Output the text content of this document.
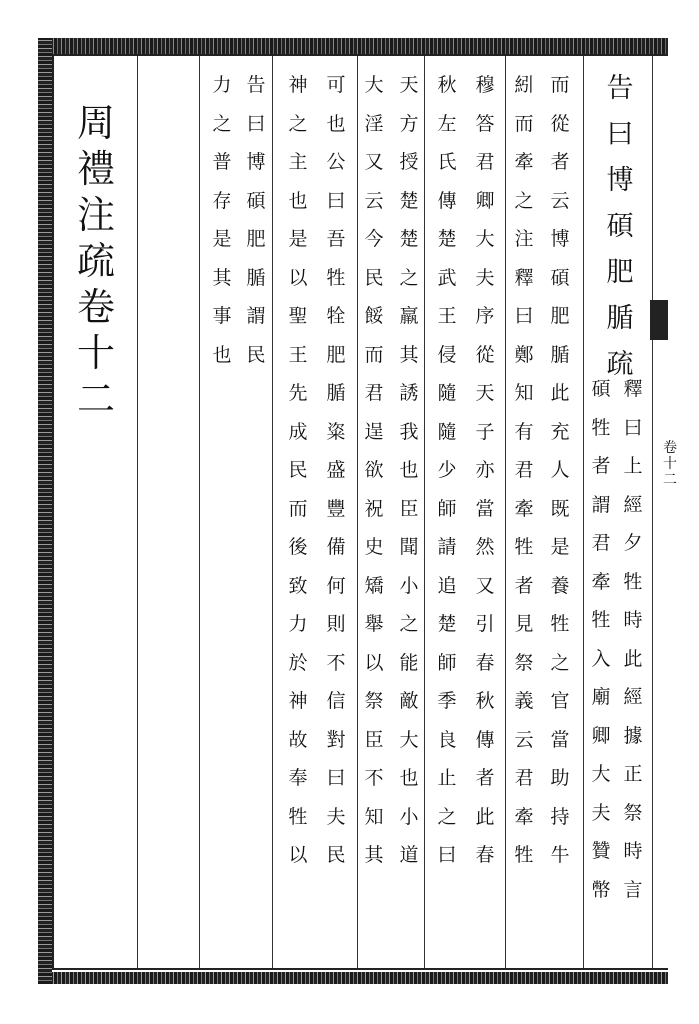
周
禮
注
疏
卷
十
二
卷
十
二
告
曰
博
碩
肥
腯
疏
釋
曰
上
經
夕
牲
時
此
經
據
正
祭
時
言
碩
牲
者
謂
君
牽
牲
入
廟
卿
大
夫
贊
幣
而
從
者
云
博
碩
肥
腯
此
充
人
既
是
養
牲
之
官
當
助
持
牛
紖
而
牽
之
注
釋
曰
鄭
知
有
君
牽
牲
者
見
祭
義
云
君
牽
牲
穆
答
君
卿
大
夫
序
從
天
子
亦
當
然
又
引
春
秋
傳
者
此
春
秋
左
氏
傳
楚
武
王
侵
隨
隨
少
師
請
追
楚
師
季
良
止
之
曰
天
方
授
楚
楚
之
羸
其
誘
我
也
臣
聞
小
之
能
敵
大
也
小
道
大
淫
又
云
今
民
餒
而
君
逞
欲
祝
史
矯
舉
以
祭
臣
不
知
其
可
也
公
曰
吾
牲
牷
肥
腯
粢
盛
豐
備
何
則
不
信
對
曰
夫
民
神
之
主
也
是
以
聖
王
先
成
民
而
後
致
力
於
神
故
奉
牲
以
告
曰
博
碩
肥
腯
謂
民
力
之
普
存
是
其
事
也
